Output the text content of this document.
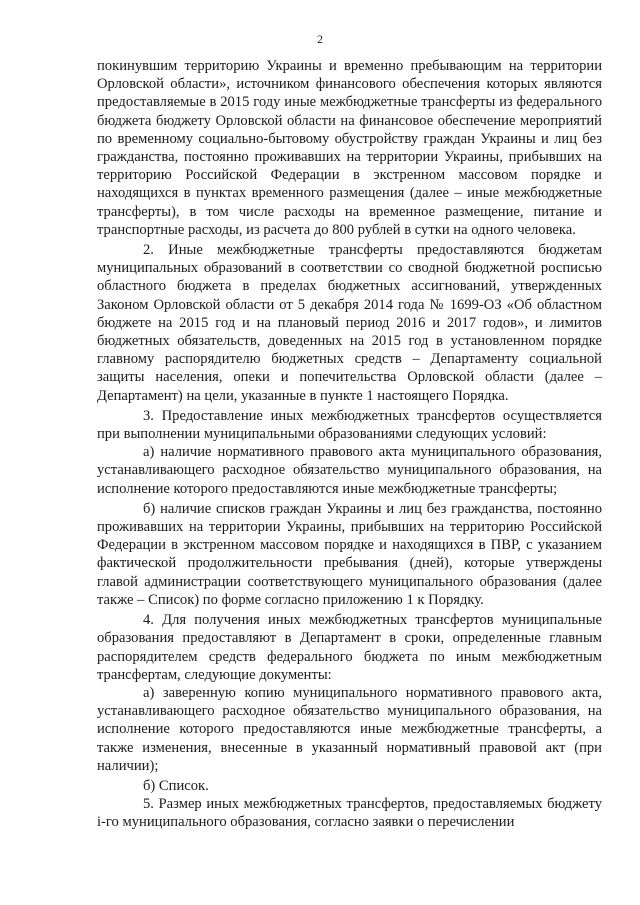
2

покинувшим территорию Украины и временно пребывающим на территории Орловской области», источником финансового обеспечения которых являются предоставляемые в 2015 году иные межбюджетные трансферты из федерального бюджета бюджету Орловской области на финансовое обеспечение мероприятий по временному социально-бытовому обустройству граждан Украины и лиц без гражданства, постоянно проживавших на территории Украины, прибывших на территорию Российской Федерации в экстренном массовом порядке и находящихся в пунктах временного размещения (далее – иные межбюджетные трансферты), в том числе расходы на временное размещение, питание и транспортные расходы, из расчета до 800 рублей в сутки на одного человека.

2. Иные межбюджетные трансферты предоставляются бюджетам муниципальных образований в соответствии со сводной бюджетной росписью областного бюджета в пределах бюджетных ассигнований, утвержденных Законом Орловской области от 5 декабря 2014 года № 1699-ОЗ «Об областном бюджете на 2015 год и на плановый период 2016 и 2017 годов», и лимитов бюджетных обязательств, доведенных на 2015 год в установленном порядке главному распорядителю бюджетных средств – Департаменту социальной защиты населения, опеки и попечительства Орловской области (далее – Департамент) на цели, указанные в пункте 1 настоящего Порядка.

3. Предоставление иных межбюджетных трансфертов осуществляется при выполнении муниципальными образованиями следующих условий:

а) наличие нормативного правового акта муниципального образования, устанавливающего расходное обязательство муниципального образования, на исполнение которого предоставляются иные межбюджетные трансферты;

б) наличие списков граждан Украины и лиц без гражданства, постоянно проживавших на территории Украины, прибывших на территорию Российской Федерации в экстренном массовом порядке и находящихся в ПВР, с указанием фактической продолжительности пребывания (дней), которые утверждены главой администрации соответствующего муниципального образования (далее также – Список) по форме согласно приложению 1 к Порядку.

4. Для получения иных межбюджетных трансфертов муниципальные образования предоставляют в Департамент в сроки, определенные главным распорядителем средств федерального бюджета по иным межбюджетным трансфертам, следующие документы:

а) заверенную копию муниципального нормативного правового акта, устанавливающего расходное обязательство муниципального образования, на исполнение которого предоставляются иные межбюджетные трансферты, а также изменения, внесенные в указанный нормативный правовой акт (при наличии);

б) Список.

5. Размер иных межбюджетных трансфертов, предоставляемых бюджету i-го муниципального образования, согласно заявки о перечислении
